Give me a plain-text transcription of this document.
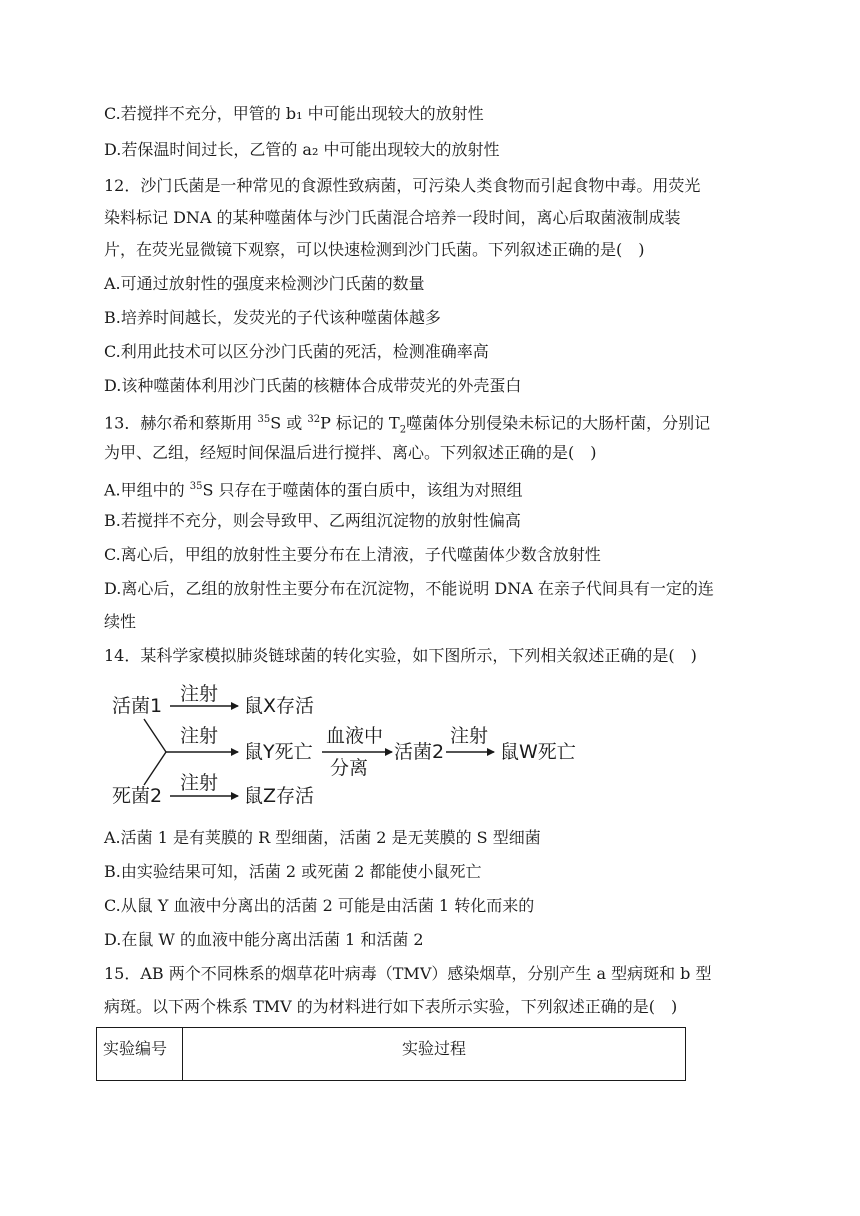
C.若搅拌不充分，甲管的 b₁ 中可能出现较大的放射性
D.若保温时间过长，乙管的 a₂ 中可能出现较大的放射性
12．沙门氏菌是一种常见的食源性致病菌，可污染人类食物而引起食物中毒。用荧光
染料标记 DNA 的某种噬菌体与沙门氏菌混合培养一段时间，离心后取菌液制成装
片，在荧光显微镜下观察，可以快速检测到沙门氏菌。下列叙述正确的是( )
A.可通过放射性的强度来检测沙门氏菌的数量
B.培养时间越长，发荧光的子代该种噬菌体越多
C.利用此技术可以区分沙门氏菌的死活，检测准确率高
D.该种噬菌体利用沙门氏菌的核糖体合成带荧光的外壳蛋白
13．赫尔希和蔡斯用 $^{35}$S 或 $^{32}$P 标记的 $T_2$噬菌体分别侵染未标记的大肠杆菌，分别记
为甲、乙组，经短时间保温后进行搅拌、离心。下列叙述正确的是( )
A.甲组中的 $^{35}$S 只存在于噬菌体的蛋白质中，该组为对照组
B.若搅拌不充分，则会导致甲、乙两组沉淀物的放射性偏高
C.离心后，甲组的放射性主要分布在上清液，子代噬菌体少数含放射性
D.离心后，乙组的放射性主要分布在沉淀物，不能说明 DNA 在亲子代间具有一定的连
续性
14．某科学家模拟肺炎链球菌的转化实验，如下图所示，下列相关叙述正确的是( )
活菌1
注射
鼠X存活
注射
鼠Y死亡
血液中
分离
活菌2
注射
鼠W死亡
死菌2
注射
鼠Z存活
A.活菌 1 是有荚膜的 R 型细菌，活菌 2 是无荚膜的 S 型细菌
B.由实验结果可知，活菌 2 或死菌 2 都能使小鼠死亡
C.从鼠 Y 血液中分离出的活菌 2 可能是由活菌 1 转化而来的
D.在鼠 W 的血液中能分离出活菌 1 和活菌 2
15．AB 两个不同株系的烟草花叶病毒（TMV）感染烟草，分别产生 a 型病斑和 b 型
病斑。以下两个株系 TMV 的为材料进行如下表所示实验，下列叙述正确的是( )
实验编号	实验过程
